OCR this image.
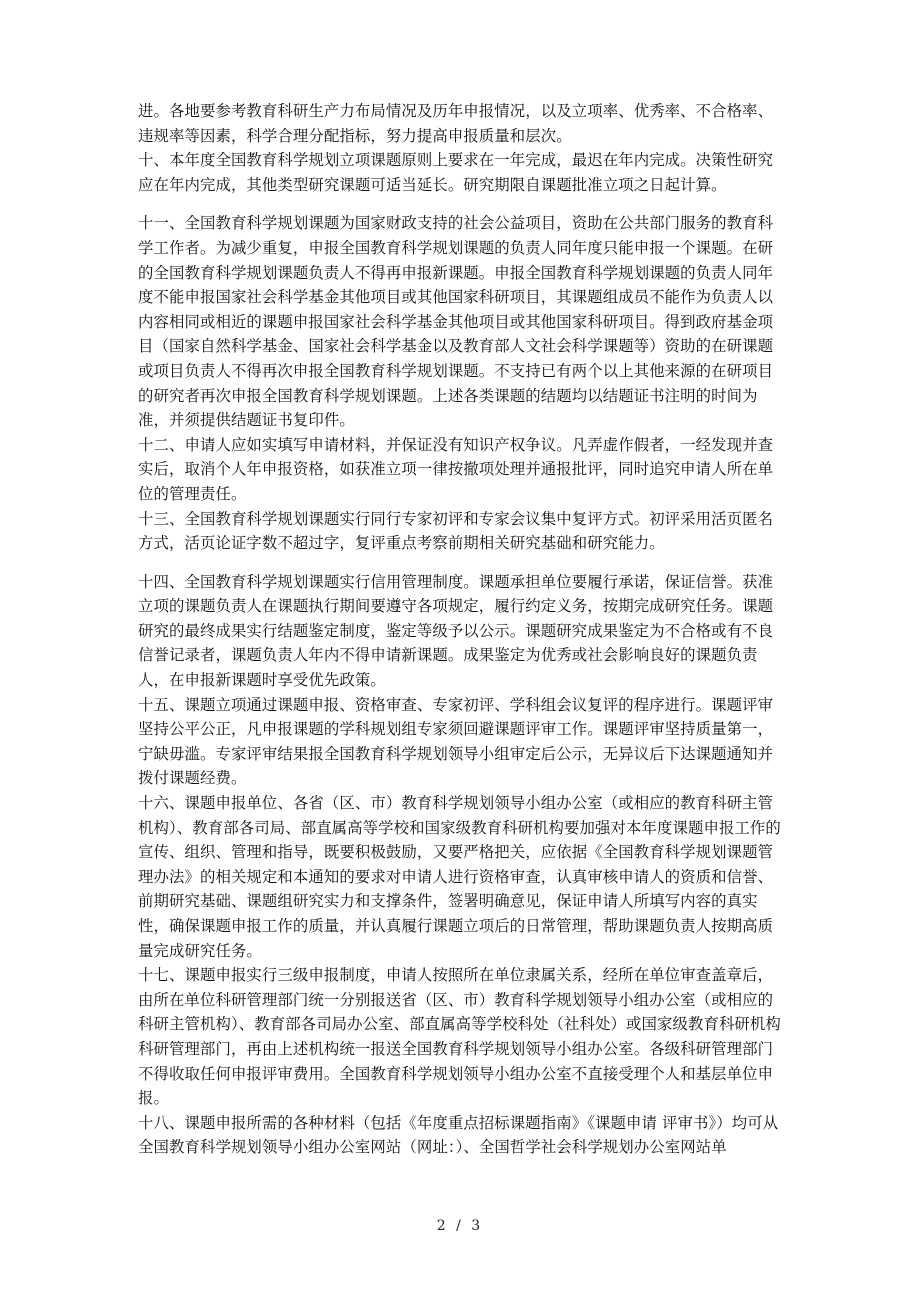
进。各地要参考教育科研生产力布局情况及历年申报情况，以及立项率、优秀率、不合格率、违规率等因素，科学合理分配指标，努力提高申报质量和层次。

十、本年度全国教育科学规划立项课题原则上要求在一年完成，最迟在年内完成。决策性研究应在年内完成，其他类型研究课题可适当延长。研究期限自课题批准立项之日起计算。

十一、全国教育科学规划课题为国家财政支持的社会公益项目，资助在公共部门服务的教育科学工作者。为减少重复，申报全国教育科学规划课题的负责人同年度只能申报一个课题。在研的全国教育科学规划课题负责人不得再申报新课题。申报全国教育科学规划课题的负责人同年度不能申报国家社会科学基金其他项目或其他国家科研项目，其课题组成员不能作为负责人以内容相同或相近的课题申报国家社会科学基金其他项目或其他国家科研项目。得到政府基金项目（国家自然科学基金、国家社会科学基金以及教育部人文社会科学课题等）资助的在研课题或项目负责人不得再次申报全国教育科学规划课题。不支持已有两个以上其他来源的在研项目的研究者再次申报全国教育科学规划课题。上述各类课题的结题均以结题证书注明的时间为准，并须提供结题证书复印件。

十二、申请人应如实填写申请材料，并保证没有知识产权争议。凡弄虚作假者，一经发现并查实后，取消个人年申报资格，如获准立项一律按撤项处理并通报批评，同时追究申请人所在单位的管理责任。

十三、全国教育科学规划课题实行同行专家初评和专家会议集中复评方式。初评采用活页匿名方式，活页论证字数不超过字，复评重点考察前期相关研究基础和研究能力。

十四、全国教育科学规划课题实行信用管理制度。课题承担单位要履行承诺，保证信誉。获准立项的课题负责人在课题执行期间要遵守各项规定，履行约定义务，按期完成研究任务。课题研究的最终成果实行结题鉴定制度，鉴定等级予以公示。课题研究成果鉴定为不合格或有不良信誉记录者，课题负责人年内不得申请新课题。成果鉴定为优秀或社会影响良好的课题负责人，在申报新课题时享受优先政策。

十五、课题立项通过课题申报、资格审查、专家初评、学科组会议复评的程序进行。课题评审坚持公平公正，凡申报课题的学科规划组专家须回避课题评审工作。课题评审坚持质量第一，宁缺毋滥。专家评审结果报全国教育科学规划领导小组审定后公示，无异议后下达课题通知并拨付课题经费。

十六、课题申报单位、各省（区、市）教育科学规划领导小组办公室（或相应的教育科研主管机构）、教育部各司局、部直属高等学校和国家级教育科研机构要加强对本年度课题申报工作的宣传、组织、管理和指导，既要积极鼓励，又要严格把关，应依据《全国教育科学规划课题管理办法》的相关规定和本通知的要求对申请人进行资格审查，认真审核申请人的资质和信誉、前期研究基础、课题组研究实力和支撑条件，签署明确意见，保证申请人所填写内容的真实性，确保课题申报工作的质量，并认真履行课题立项后的日常管理，帮助课题负责人按期高质量完成研究任务。

十七、课题申报实行三级申报制度，申请人按照所在单位隶属关系，经所在单位审查盖章后，由所在单位科研管理部门统一分别报送省（区、市）教育科学规划领导小组办公室（或相应的科研主管机构）、教育部各司局办公室、部直属高等学校科处（社科处）或国家级教育科研机构科研管理部门，再由上述机构统一报送全国教育科学规划领导小组办公室。各级科研管理部门不得收取任何申报评审费用。全国教育科学规划领导小组办公室不直接受理个人和基层单位申报。

十八、课题申报所需的各种材料（包括《年度重点招标课题指南》《课题申请 评审书》）均可从全国教育科学规划领导小组办公室网站（网址：）、全国哲学社会科学规划办公室网站单

2 / 3
